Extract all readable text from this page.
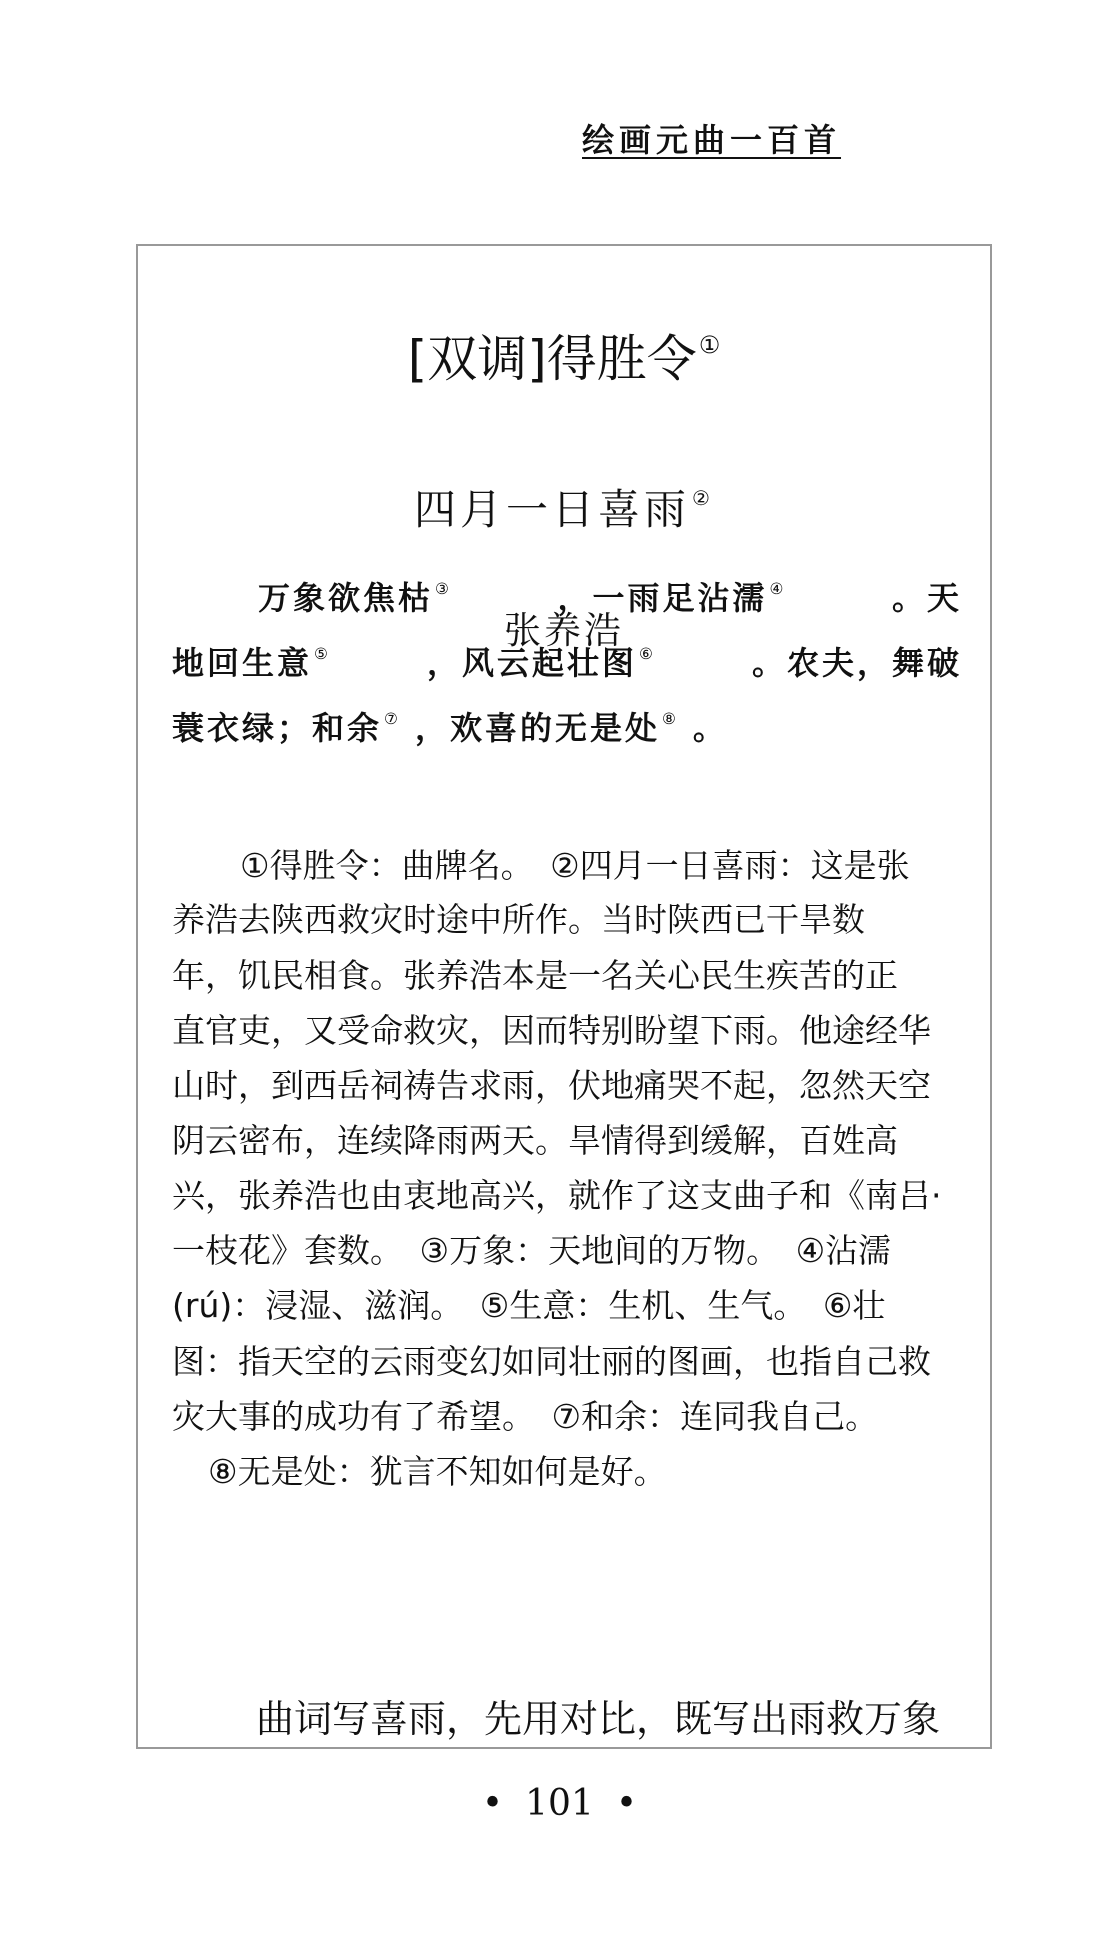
绘画元曲一百首
[双调]得胜令①
四月一日喜雨②
张养浩
万象欲焦枯 ③	，一雨足沾濡 ④	。天
地回生意 ⑤	，风云起壮图 ⑥	。农夫，舞破
蓑衣绿；和余 ⑦ ，欢喜的无是处 ⑧ 。
①得胜令：曲牌名。　②四月一日喜雨：这是张
养浩去陕西救灾时途中所作。当时陕西已干旱数
年，饥民相食。张养浩本是一名关心民生疾苦的正
直官吏，又受命救灾，因而特别盼望下雨。他途经华
山时，到西岳祠祷告求雨，伏地痛哭不起，忽然天空
阴云密布，连续降雨两天。旱情得到缓解，百姓高
兴，张养浩也由衷地高兴，就作了这支曲子和《南吕·
一枝花》套数。　③万象：天地间的万物。　④沾濡
(rú)：浸湿、滋润。　⑤生意：生机、生气。　⑥壮
图：指天空的云雨变幻如同壮丽的图画，也指自己救
灾大事的成功有了希望。　⑦和余：连同我自己。
⑧无是处：犹言不知如何是好。
曲词写喜雨，先用对比，既写出雨救万象
• 101 •
